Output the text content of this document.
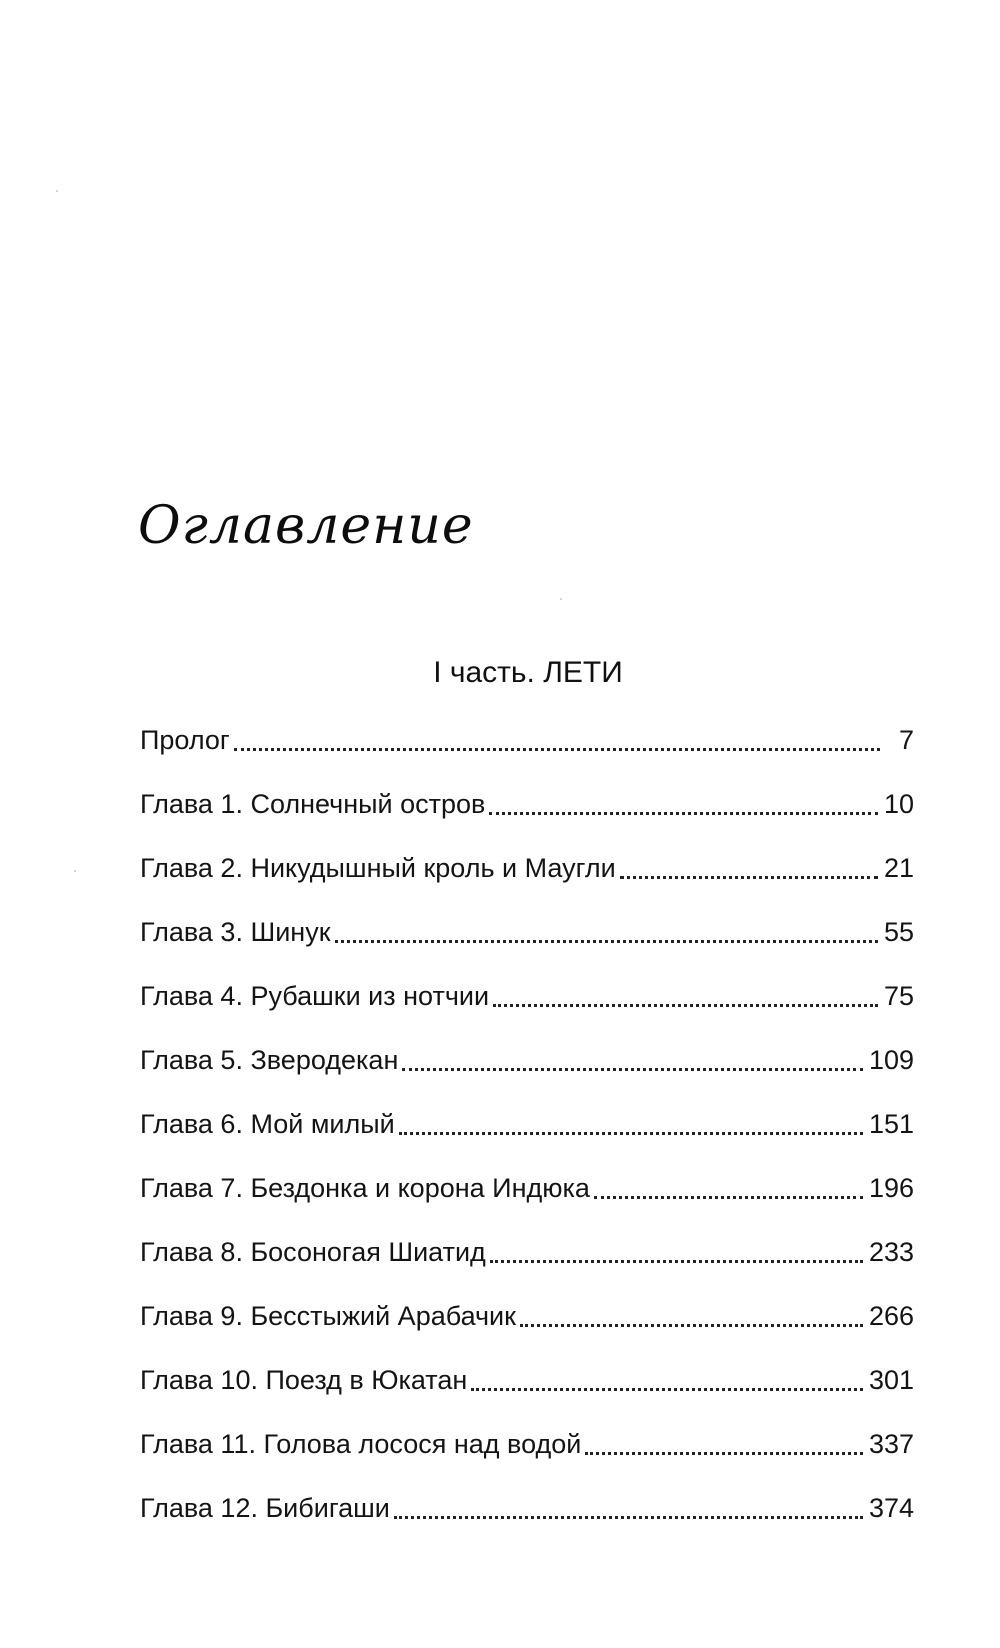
Оглавление
I часть. ЛЕТИ
Пролог	7
Глава 1. Солнечный остров	10
Глава 2. Никудышный кроль и Маугли	21
Глава 3. Шинук	55
Глава 4. Рубашки из нотчии	75
Глава 5. Зверодекан	109
Глава 6. Мой милый	151
Глава 7. Бездонка и корона Индюка	196
Глава 8. Босоногая Шиатид	233
Глава 9. Бесстыжий Арабачик	266
Глава 10. Поезд в Юкатан	301
Глава 11. Голова лосося над водой	337
Глава 12. Бибигаши	374
